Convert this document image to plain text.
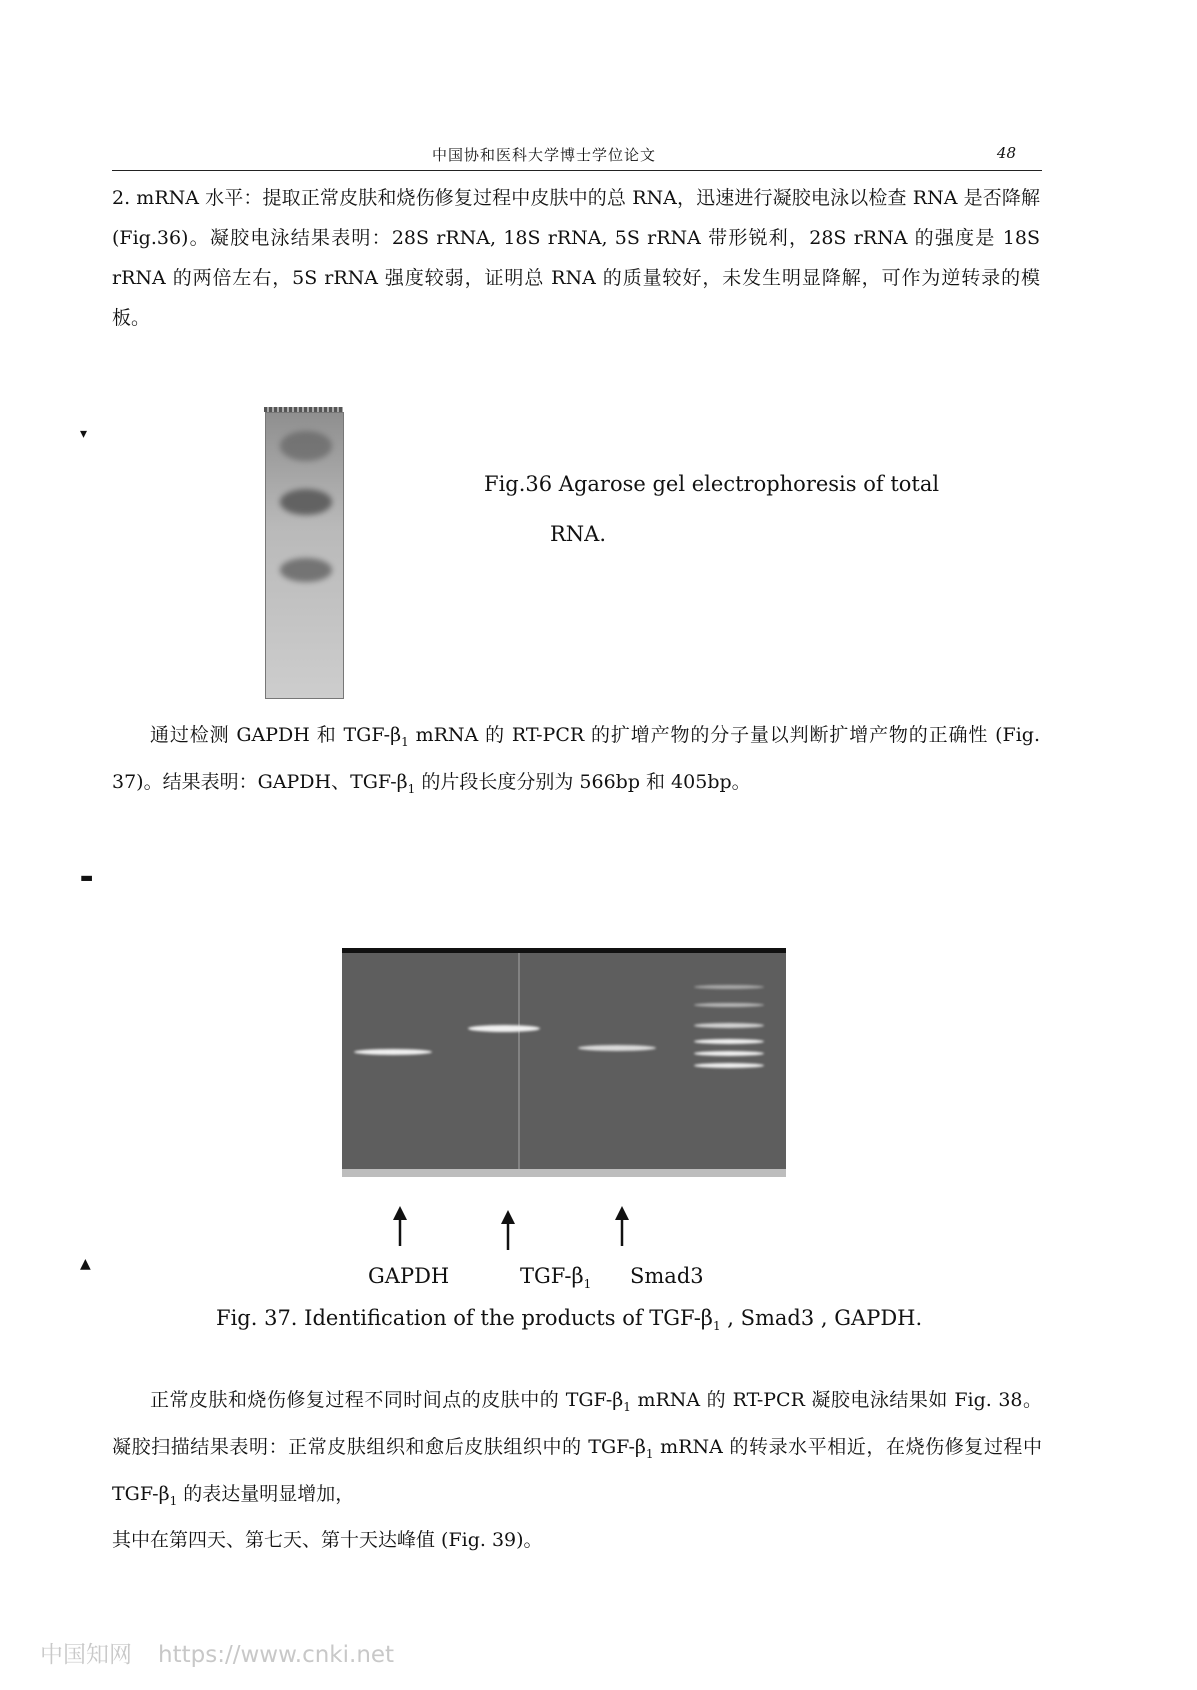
中国协和医科大学博士学位论文	48

2. mRNA 水平：提取正常皮肤和烧伤修复过程中皮肤中的总 RNA，迅速进行凝胶电泳以检查 RNA 是否降解(Fig.36)。凝胶电泳结果表明：28S rRNA, 18S rRNA, 5S rRNA 带形锐利，28S rRNA 的强度是 18S rRNA 的两倍左右，5S rRNA 强度较弱，证明总 RNA 的质量较好，未发生明显降解，可作为逆转录的模板。

▾
Fig.36 Agarose gel electrophoresis of total
RNA.

通过检测 GAPDH 和 TGF-$\beta_1$ mRNA 的 RT-PCR 的扩增产物的分子量以判断扩增产物的正确性 (Fig. 37)。结果表明：GAPDH、TGF-$\beta_1$ 的片段长度分别为 566bp 和 405bp。

▬
▲	GAPDH	TGF-$\beta_1$ Smad3
Fig. 37. Identification of the products of TGF-$\beta_1$ , Smad3 , GAPDH.

正常皮肤和烧伤修复过程不同时间点的皮肤中的 TGF-$\beta_1$ mRNA 的 RT-PCR 凝胶电泳结果如 Fig. 38。凝胶扫描结果表明：正常皮肤组织和愈后皮肤组织中的 TGF-$\beta_1$ mRNA 的转录水平相近，在烧伤修复过程中 TGF-$\beta_1$ 的表达量明显增加，
其中在第四天、第七天、第十天达峰值 (Fig. 39)。

中国知网 https://www.cnki.net
